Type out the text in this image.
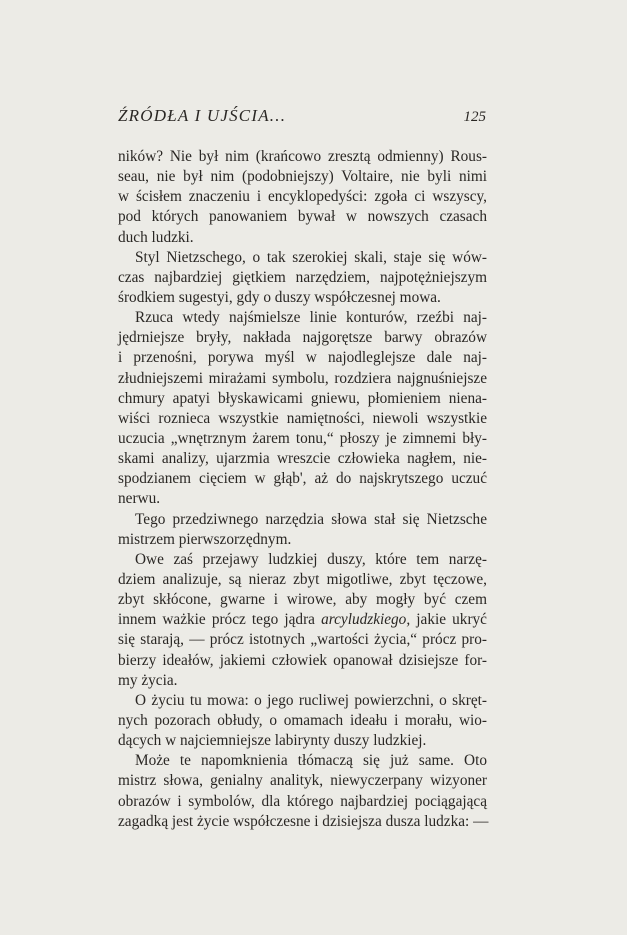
ŹRÓDŁA I UJŚCIA...	125
ników? Nie był nim (krańcowo zresztą odmienny) Rous-
seau, nie był nim (podobniejszy) Voltaire, nie byli nimi
w ścisłem znaczeniu i encyklopedyści: zgoła ci wszyscy,
pod których panowaniem bywał w nowszych czasach
duch ludzki.
Styl Nietzschego, o tak szerokiej skali, staje się wów-
czas najbardziej giętkiem narzędziem, najpotężniejszym
środkiem sugestyi, gdy o duszy współczesnej mowa.
Rzuca wtedy najśmielsze linie konturów, rzeźbi naj-
jędrniejsze bryły, nakłada najgorętsze barwy obrazów
i przenośni, porywa myśl w najodleglejsze dale naj-
złudniejszemi mirażami symbolu, rozdziera najgnuśniejsze
chmury apatyi błyskawicami gniewu, płomieniem niena-
wiści roznieca wszystkie namiętności, niewoli wszystkie
uczucia „wnętrznym żarem tonu,“ płoszy je zimnemi bły-
skami analizy, ujarzmia wreszcie człowieka nagłem, nie-
spodzianem cięciem w głąb', aż do najskrytszego uczuć
nerwu.
Tego przedziwnego narzędzia słowa stał się Nietzsche
mistrzem pierwszorzędnym.
Owe zaś przejawy ludzkiej duszy, które tem narzę-
dziem analizuje, są nieraz zbyt migotliwe, zbyt tęczowe,
zbyt skłócone, gwarne i wirowe, aby mogły być czem
innem ważkie prócz tego jądra arcyludzkiego, jakie ukryć
się starają, — prócz istotnych „wartości życia,“ prócz pro-
bierzy ideałów, jakiemi człowiek opanował dzisiejsze for-
my życia.
O życiu tu mowa: o jego rucliwej powierzchni, o skręt-
nych pozorach obłudy, o omamach ideału i morału, wio-
dących w najciemniejsze labirynty duszy ludzkiej.
Może te napomknienia tłómaczą się już same. Oto
mistrz słowa, genialny analityk, niewyczerpany wizyoner
obrazów i symbolów, dla którego najbardziej pociągającą
zagadką jest życie współczesne i dzisiejsza dusza ludzka: —
